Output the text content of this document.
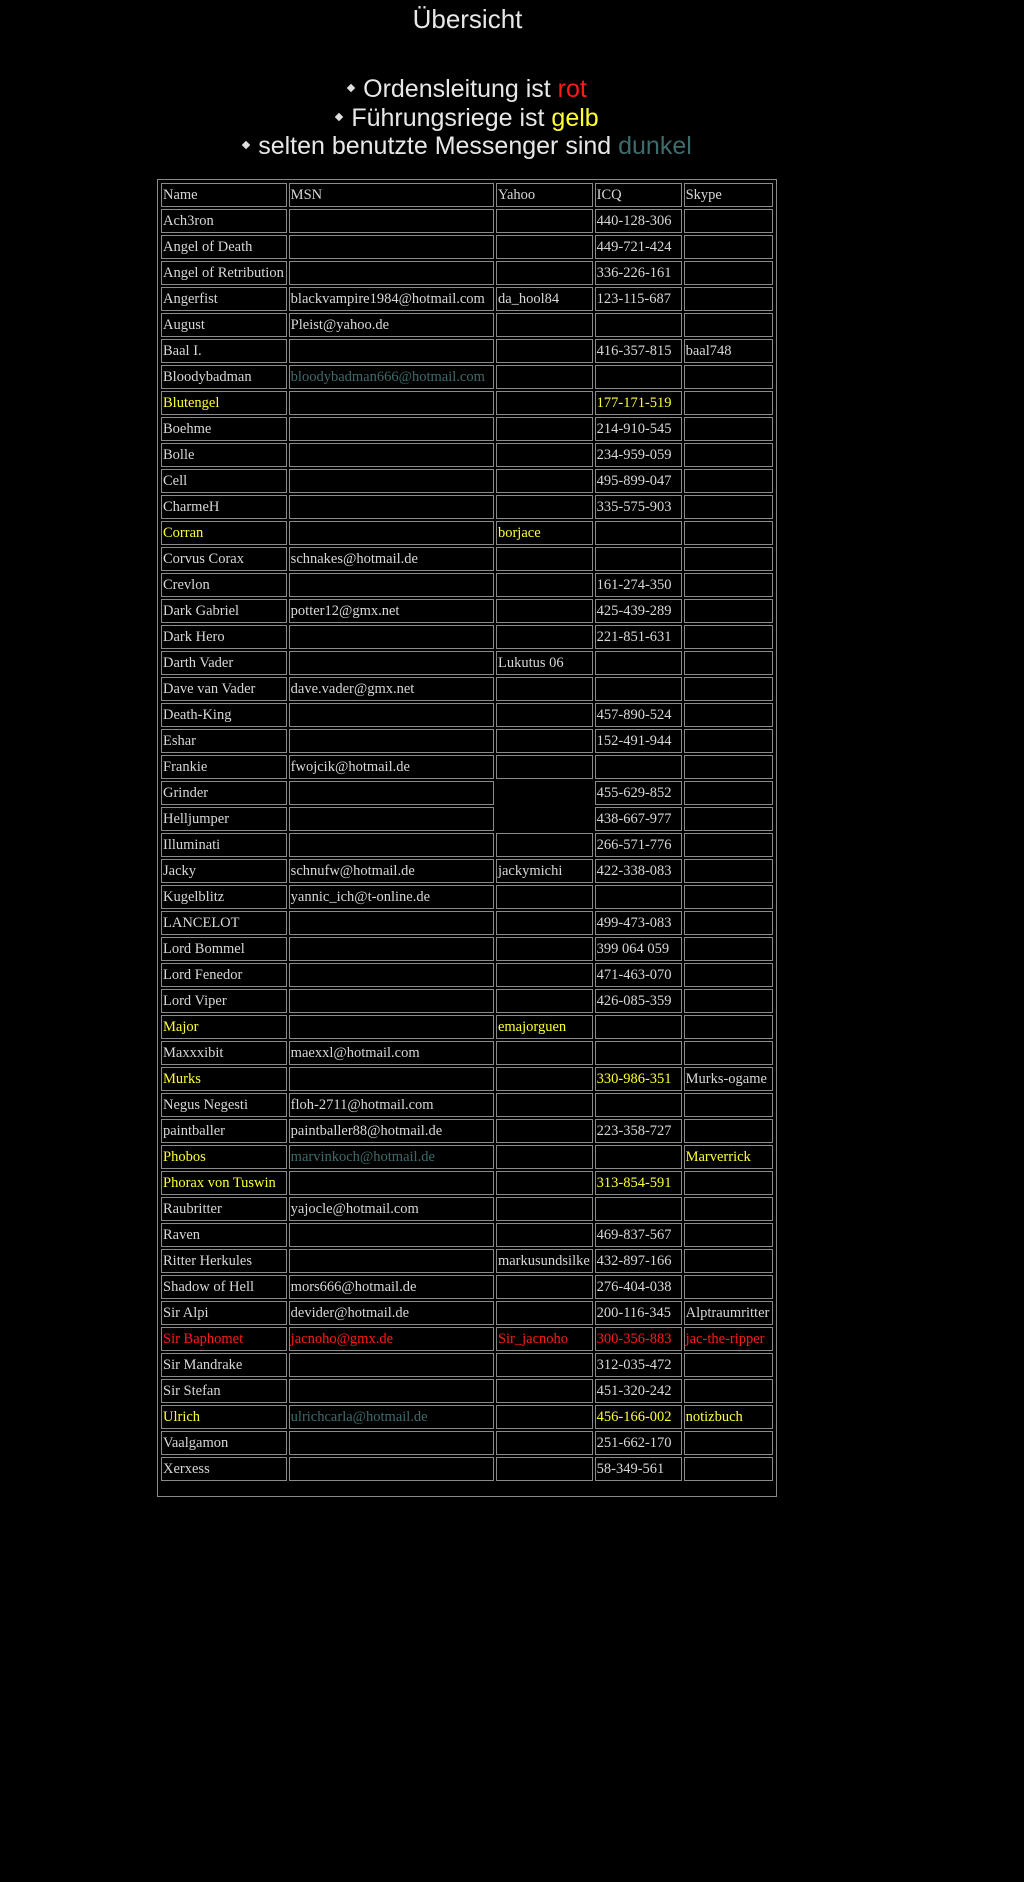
Übersicht
Ordensleitung ist rot
Führungsriege ist gelb
selten benutzte Messenger sind dunkel
Name	MSN	Yahoo	ICQ	Skype
Ach3ron			440-128-306	
Angel of Death			449-721-424	
Angel of Retribution			336-226-161	
Angerfist	blackvampire1984@hotmail.com	da_hool84	123-115-687	
August	Pleist@yahoo.de			
Baal I.			416-357-815	baal748
Bloodybadman	bloodybadman666@hotmail.com			
Blutengel			177-171-519	
Boehme			214-910-545	
Bolle			234-959-059	
Cell			495-899-047	
CharmeH			335-575-903	
Corran		borjace		
Corvus Corax	schnakes@hotmail.de			
Crevlon			161-274-350	
Dark Gabriel	potter12@gmx.net		425-439-289	
Dark Hero			221-851-631	
Darth Vader		Lukutus 06		
Dave van Vader	dave.vader@gmx.net			
Death-King			457-890-524	
Eshar			152-491-944	
Frankie	fwojcik@hotmail.de			
Grinder			455-629-852	
Helljumper			438-667-977	
Illuminati			266-571-776	
Jacky	schnufw@hotmail.de	jackymichi	422-338-083	
Kugelblitz	yannic_ich@t-online.de			
LANCELOT			499-473-083	
Lord Bommel			399 064 059	
Lord Fenedor			471-463-070	
Lord Viper			426-085-359	
Major		emajorguen		
Maxxxibit	maexxl@hotmail.com			
Murks			330-986-351	Murks-ogame
Negus Negesti	floh-2711@hotmail.com			
paintballer	paintballer88@hotmail.de		223-358-727	
Phobos	marvinkoch@hotmail.de			Marverrick
Phorax von Tuswin			313-854-591	
Raubritter	yajocle@hotmail.com			
Raven			469-837-567	
Ritter Herkules		markusundsilke	432-897-166	
Shadow of Hell	mors666@hotmail.de		276-404-038	
Sir Alpi	devider@hotmail.de		200-116-345	Alptraumritter
Sir Baphomet	jacnoho@gmx.de	Sir_jacnoho	300-356-883	jac-the-ripper
Sir Mandrake			312-035-472	
Sir Stefan			451-320-242	
Ulrich	ulrichcarla@hotmail.de		456-166-002	notizbuch
Vaalgamon			251-662-170	
Xerxess			58-349-561	
